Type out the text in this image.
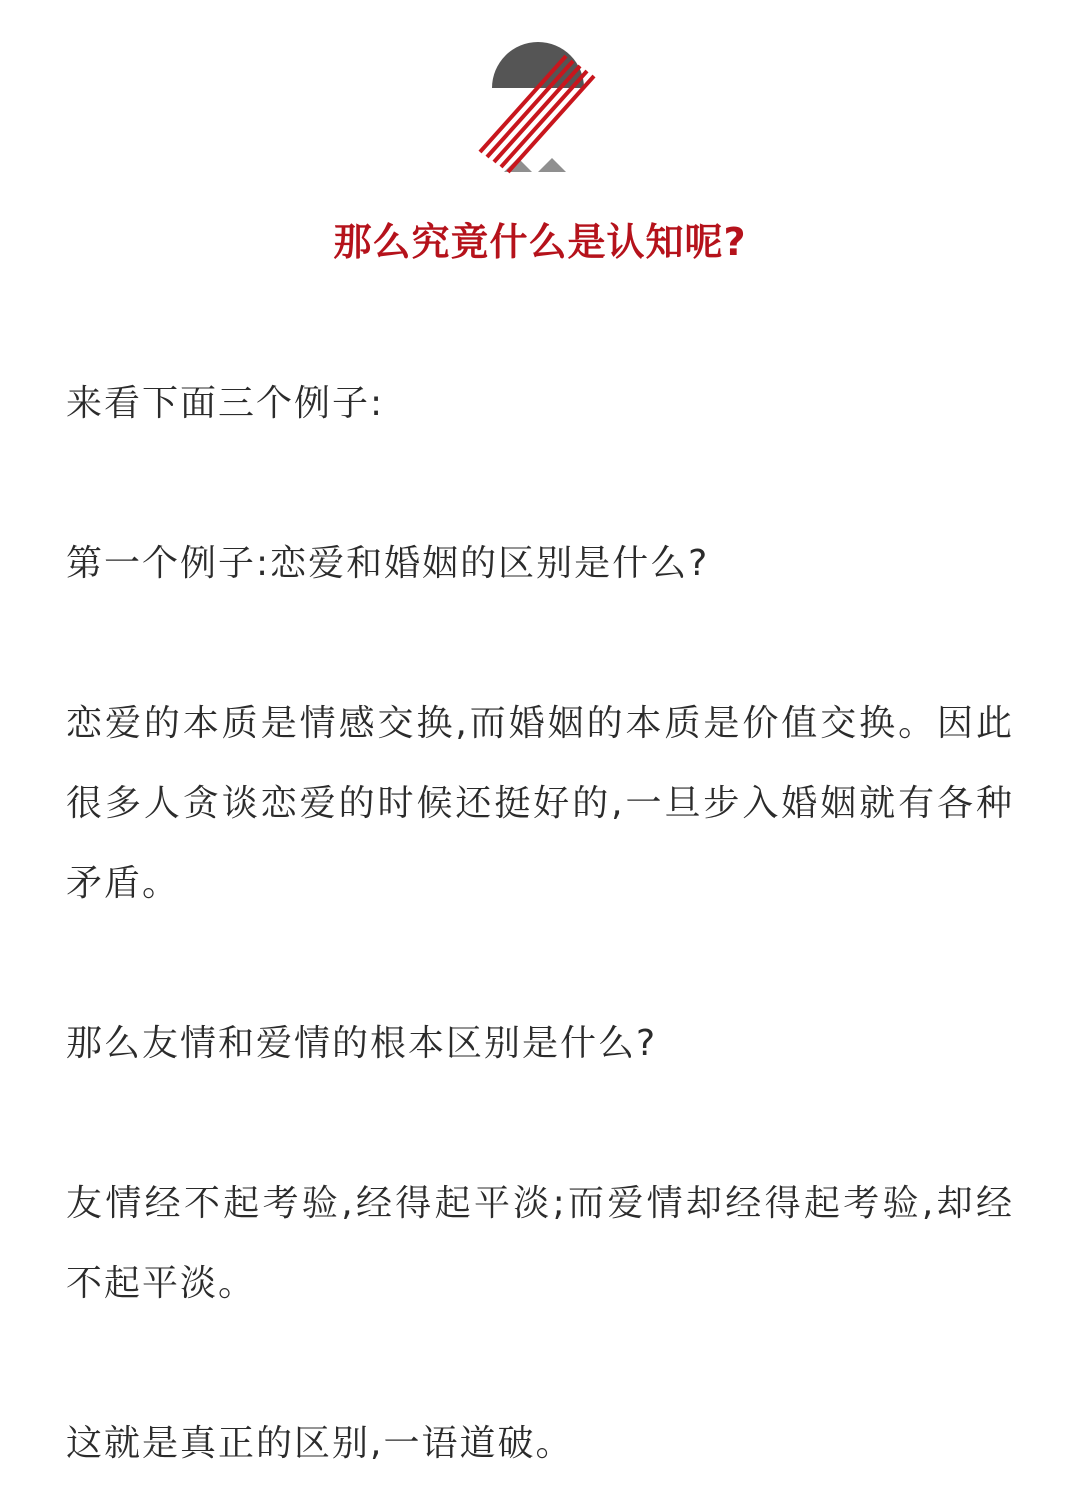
那么究竟什么是认知呢?

来看下面三个例子:

第一个例子:恋爱和婚姻的区别是什么?

恋爱的本质是情感交换,而婚姻的本质是价值交换。因此很多人贪谈恋爱的时候还挺好的,一旦步入婚姻就有各种矛盾。

那么友情和爱情的根本区别是什么?

友情经不起考验,经得起平淡;而爱情却经得起考验,却经不起平淡。

这就是真正的区别,一语道破。
